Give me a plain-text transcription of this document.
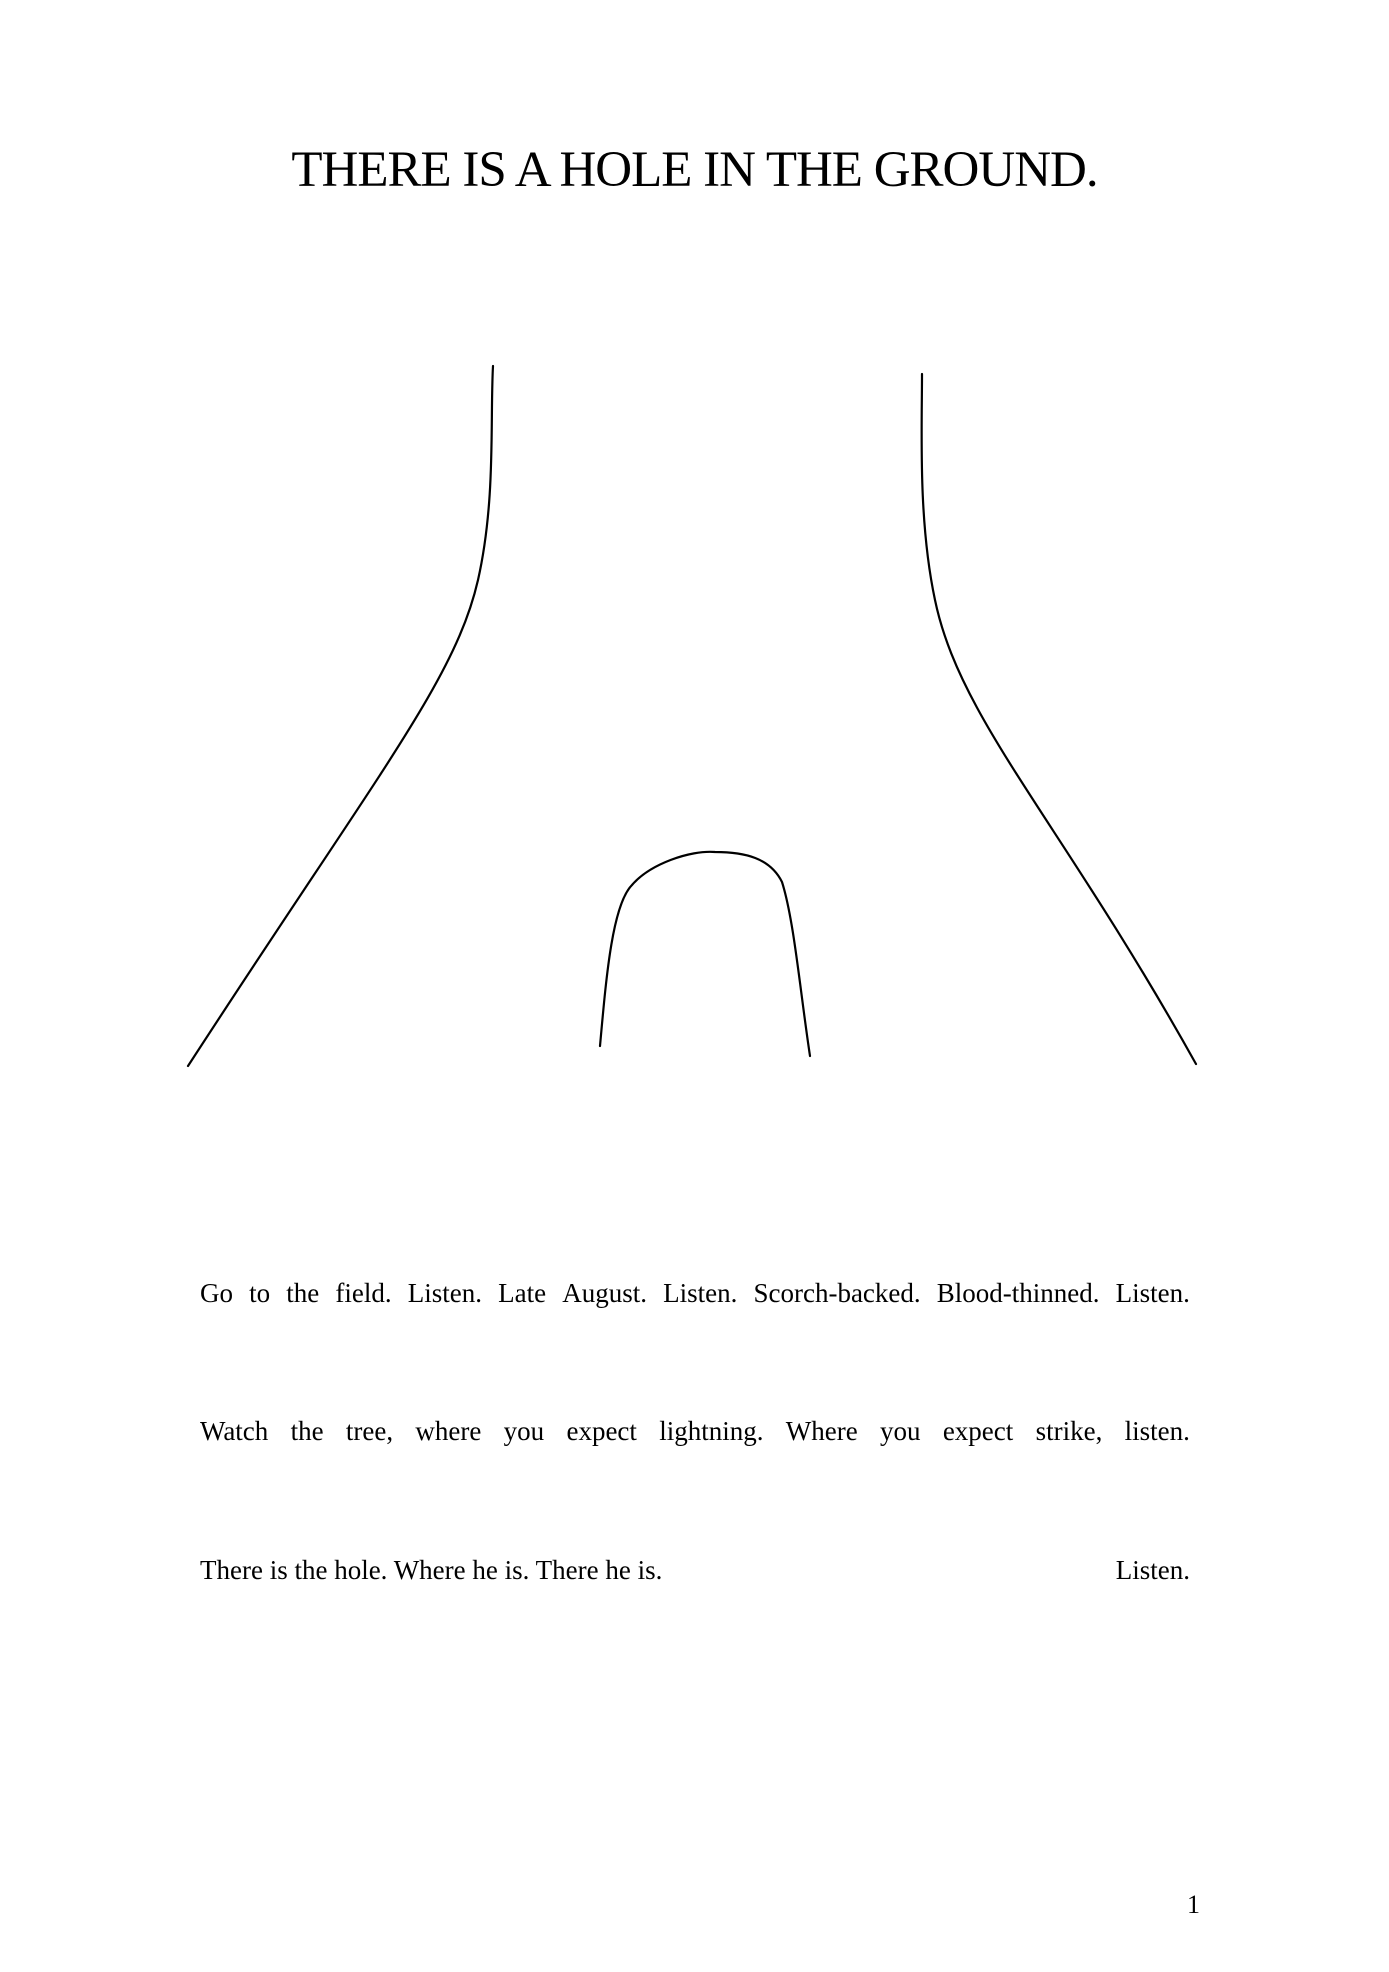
THERE IS A HOLE IN THE GROUND.
Go to the field. Listen. Late August. Listen. Scorch-backed. Blood-thinned. Listen.
Watch the tree, where you expect lightning. Where you expect strike, listen.
There is the hole. Where he is. There he is.	Listen.
1
